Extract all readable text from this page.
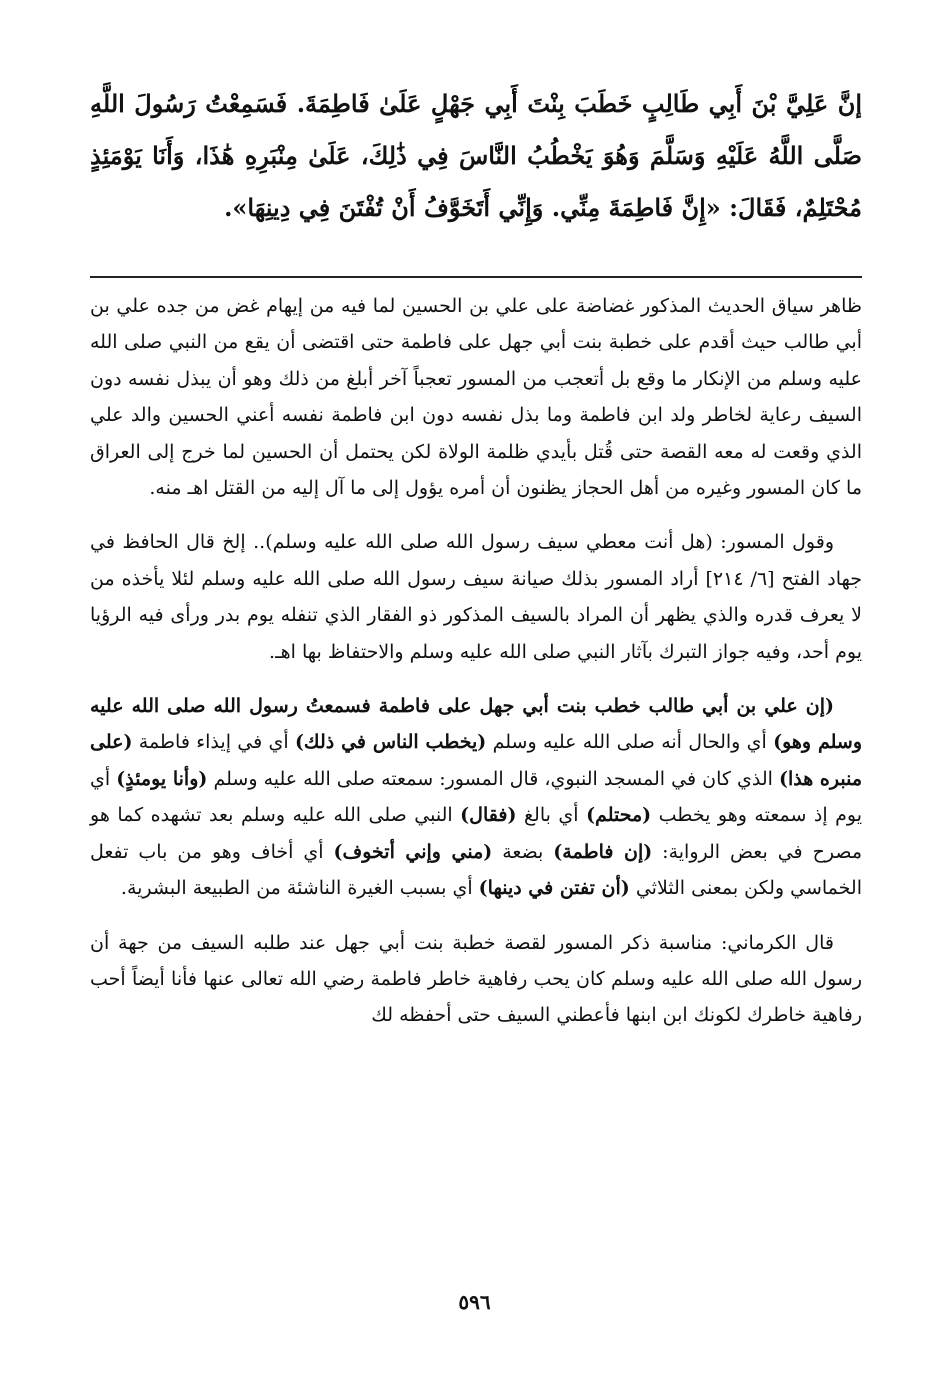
إنَّ عَلِيَّ بْنَ أَبِي طَالِبٍ خَطَبَ بِنْتَ أَبِي جَهْلٍ عَلَىٰ فَاطِمَةَ. فَسَمِعْتُ رَسُولَ اللَّهِ صَلَّى اللَّهُ عَلَيْهِ وَسَلَّمَ وَهُوَ يَخْطُبُ النَّاسَ فِي ذَٰلِكَ، عَلَىٰ مِنْبَرِهِ هَٰذَا، وَأَنَا يَوْمَئِذٍ مُحْتَلِمٌ، فَقَالَ: «إِنَّ فَاطِمَةَ مِنِّي. وَإِنِّي أَتَخَوَّفُ أَنْ تُفْتَنَ فِي دِينِهَا».

ظاهر سياق الحديث المذكور غضاضة على علي بن الحسين لما فيه من إيهام غض من جده علي بن أبي طالب حيث أقدم على خطبة بنت أبي جهل على فاطمة حتى اقتضى أن يقع من النبي صلى الله عليه وسلم من الإنكار ما وقع بل أتعجب من المسور تعجباً آخر أبلغ من ذلك وهو أن يبذل نفسه دون السيف رعاية لخاطر ولد ابن فاطمة وما بذل نفسه دون ابن فاطمة نفسه أعني الحسين والد علي الذي وقعت له معه القصة حتى قُتل بأيدي ظلمة الولاة لكن يحتمل أن الحسين لما خرج إلى العراق ما كان المسور وغيره من أهل الحجاز يظنون أن أمره يؤول إلى ما آل إليه من القتل اهـ منه.

وقول المسور: (هل أنت معطي سيف رسول الله صلى الله عليه وسلم).. إلخ قال الحافظ في جهاد الفتح [٦/ ٢١٤] أراد المسور بذلك صيانة سيف رسول الله صلى الله عليه وسلم لئلا يأخذه من لا يعرف قدره والذي يظهر أن المراد بالسيف المذكور ذو الفقار الذي تنفله يوم بدر ورأى فيه الرؤيا يوم أحد، وفيه جواز التبرك بآثار النبي صلى الله عليه وسلم والاحتفاظ بها اهـ.

(إن علي بن أبي طالب خطب بنت أبي جهل على فاطمة فسمعتُ رسول الله صلى الله عليه وسلم وهو) أي والحال أنه صلى الله عليه وسلم (يخطب الناس في ذلك) أي في إيذاء فاطمة (على منبره هذا) الذي كان في المسجد النبوي، قال المسور: سمعته صلى الله عليه وسلم (وأنا يومئذٍ) أي يوم إذ سمعته وهو يخطب (محتلم) أي بالغ (فقال) النبي صلى الله عليه وسلم بعد تشهده كما هو مصرح في بعض الرواية: (إن فاطمة) بضعة (مني وإني أتخوف) أي أخاف وهو من باب تفعل الخماسي ولكن بمعنى الثلاثي (أن تفتن في دينها) أي بسبب الغيرة الناشئة من الطبيعة البشرية.

قال الكرماني: مناسبة ذكر المسور لقصة خطبة بنت أبي جهل عند طلبه السيف من جهة أن رسول الله صلى الله عليه وسلم كان يحب رفاهية خاطر فاطمة رضي الله تعالى عنها فأنا أيضاً أحب رفاهية خاطرك لكونك ابن ابنها فأعطني السيف حتى أحفظه لك

٥٩٦
